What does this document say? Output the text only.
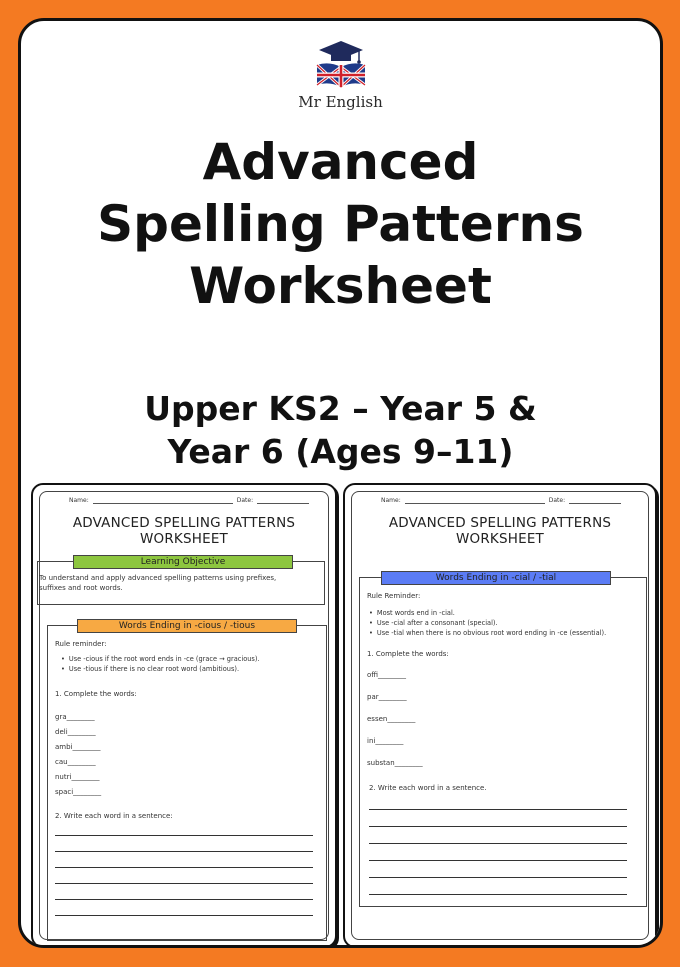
Mr English
Advanced
Spelling Patterns
Worksheet
Upper KS2 – Year 5 &
Year 6 (Ages 9–11)
Name:	Date:
ADVANCED SPELLING PATTERNS WORKSHEET
Learning Objective
To understand and apply advanced spelling patterns using prefixes,
suffixes and root words.
Words Ending in -cious / -tious
Rule reminder:
• Use -cious if the root word ends in -ce (grace → gracious).
• Use -tious if there is no clear root word (ambitious).
1. Complete the words:
gra________
deli________
ambi________
cau________
nutri________
spaci________
2. Write each word in a sentence:
Name:	Date:
ADVANCED SPELLING PATTERNS WORKSHEET
Words Ending in -cial / -tial
Rule Reminder:
• Most words end in -cial.
• Use -cial after a consonant (special).
• Use -tial when there is no obvious root word ending in -ce (essential).
1. Complete the words:
offi________
par________
essen________
ini________
substan________
2. Write each word in a sentence.
